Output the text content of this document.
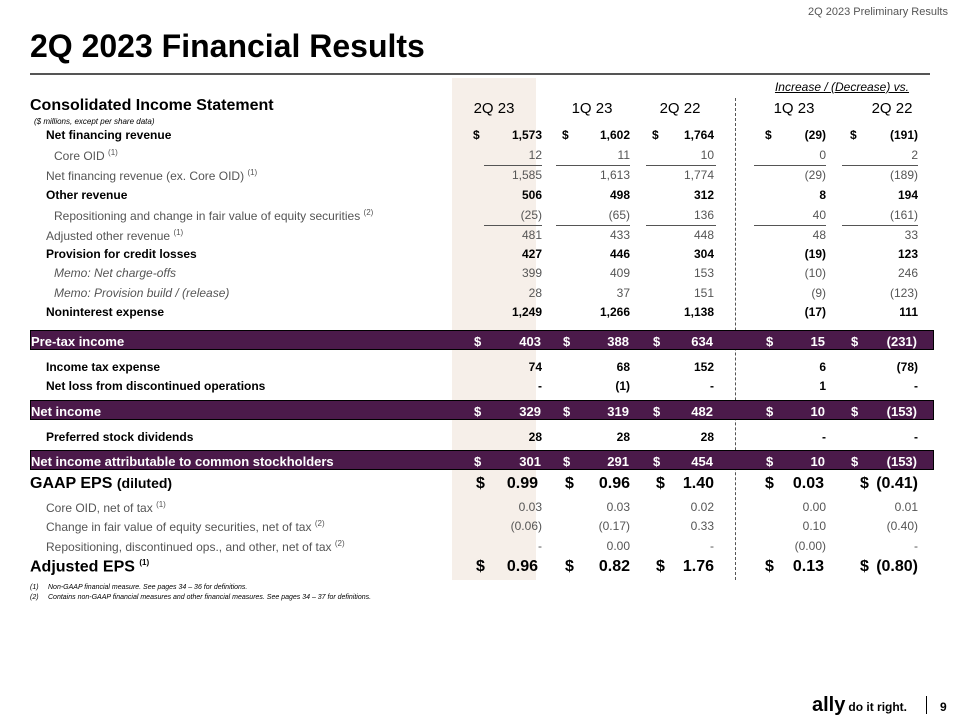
2Q 2023 Preliminary Results
2Q 2023 Financial Results
Increase / (Decrease) vs.
2Q 23	1Q 23	2Q 22	1Q 23	2Q 22
Consolidated Income Statement
($ millions, except per share data)
Net financing revenue	$	1,573 $	1,602 $ 1,764	$	(29) $	(191)
Core OID $^{(1)}$	12	11	10	0	2
Net financing revenue (ex. Core OID) $^{(1)}$	1,585	1,613	1,774	(29)	(189)
Other revenue	506	498	312	8	194
Repositioning and change in fair value of equity securities $^{(2)}$	(25)	(65)	136	40	(161)
Adjusted other revenue $^{(1)}$	481	433	448	48	33
Provision for credit losses	427	446	304	(19)	123
Memo: Net charge-offs	399	409	153	(10)	246
Memo: Provision build / (release)	28	37	151	(9)	(123)
Noninterest expense	1,249	1,266	1,138	(17)	111
Pre-tax income	$	403 $	388 $ 634	$	15 $ (231)
Income tax expense	74	68	152	6	(78)
Net loss from discontinued operations	-	(1)	-	1	-
Net income	$	329 $	319 $ 482	$	10 $ (153)
Preferred stock dividends	28	28	28	-	-
Net income attributable to common stockholders	$	301 $	291 $ 454	$	10 $ (153)
GAAP EPS (diluted)	$ 0.99 $ 0.96 $ 1.40	$ 0.03 $ (0.41)
Core OID, net of tax $^{(1)}$	0.03	0.03	0.02	0.00	0.01
Change in fair value of equity securities, net of tax $^{(2)}$	(0.06)	(0.17)	0.33	0.10	(0.40)
Repositioning, discontinued ops., and other, net of tax $^{(2)}$	-	0.00	-	(0.00)	-
Adjusted EPS $^{(1)}$	$ 0.96 $ 0.82 $ 1.76	$ 0.13 $ (0.80)
(1) Non-GAAP financial measure. See pages 34 – 36 for definitions.
(2) Contains non-GAAP financial measures and other financial measures. See pages 34 – 37 for definitions.
ally do it right.	9
